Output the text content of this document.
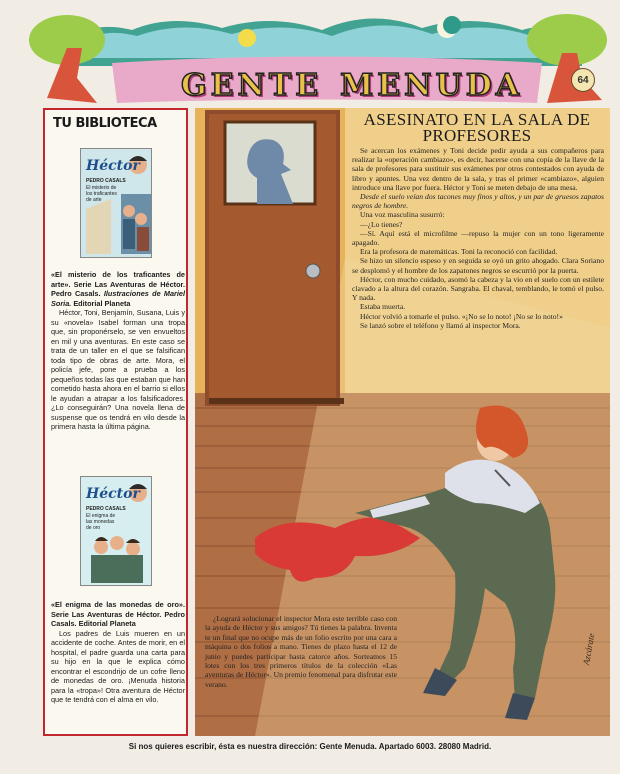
GENTE MENUDA	64
TU BIBLIOTECA
Héctor
PEDRO CASALS
El misterio de los traficantes de arte

«El misterio de los traficantes de arte». Serie Las Aventuras de Héctor. Pedro Casals. Ilustraciones de Mariel Soria. Editorial Planeta

Héctor, Toni, Benjamín, Susana, Luis y su «novela» Isabel forman una tropa que, sin proponérselo, se ven envueltos en mil y una aventuras. En este caso se trata de un taller en el que se falsifican toda tipo de obras de arte. Mora, el policía jefe, pone a prueba a los pequeños todas las que estaban que han cometido hasta ahora en el barrio si ellos le ayudan a atrapar a los falsificadores. ¿Lo conseguirán? Una novela llena de suspense que os tendrá en vilo desde la primera hasta la última página.

Héctor
PEDRO CASALS
El enigma de las monedas de oro

«El enigma de las monedas de oro». Serie Las Aventuras de Héctor. Pedro Casals. Editorial Planeta

Los padres de Luis mueren en un accidente de coche. Antes de morir, en el hospital, el padre guarda una carta para su hijo en la que le explica cómo encontrar el escondrijo de un cofre lleno de monedas de oro. ¡Menuda historia para la «tropa»! Otra aventura de Héctor que te tendrá con el alma en vilo.

ASESINATO EN LA SALA DE PROFESORES

Se acercan los exámenes y Toni decide pedir ayuda a sus compañeros para realizar la «operación cambiazo», es decir, hacerse con una copia de la llave de la sala de profesores para sustituir sus exámenes por otros contestados con ayuda de libro y apuntes. Una vez dentro de la sala, y tras el primer «cambiazo», alguien introduce una llave por fuera. Héctor y Toni se meten debajo de una mesa.

Desde el suelo veían dos tacones muy finos y altos, y un par de gruesos zapatos negros de hombre.

Una voz masculina susurró:

—¿Lo tienes?

—Sí. Aquí está el microfilme —repuso la mujer con un tono ligeramente apagado.

Era la profesora de matemáticas. Toni la reconoció con facilidad.

Se hizo un silencio espeso y en seguida se oyó un grito ahogado. Clara Soriano se desplomó y el hombre de los zapatones negros se escurrió por la puerta.

Héctor, con mucho cuidado, asomó la cabeza y la vio en el suelo con un estilete clavado a la altura del corazón. Sangraba. El chaval, temblando, le tomó el pulso. Y nada.

Estaba muerta.

Héctor volvió a tomarle el pulso. «¡No se lo noto! ¡No se lo noto!»

Se lanzó sobre el teléfono y llamó al inspector Mora.

¿Logrará solucionar el inspector Mora este terrible caso con la ayuda de Héctor y sus amigos? Tú tienes la palabra. Inventa te un final que no ocupe más de un folio escrito por una cara a máquina o dos folios a mano. Tienes de plazo hasta el 12 de junio y puedes participar hasta catorce años. Sorteamos 15 lotes con los tres primeros títulos de la colección «Las aventuras de Héctor». Un premio fenomenal para disfrutar este verano.

Azcárate
Si nos quieres escribir, ésta es nuestra dirección: Gente Menuda. Apartado 6003. 28080 Madrid.
